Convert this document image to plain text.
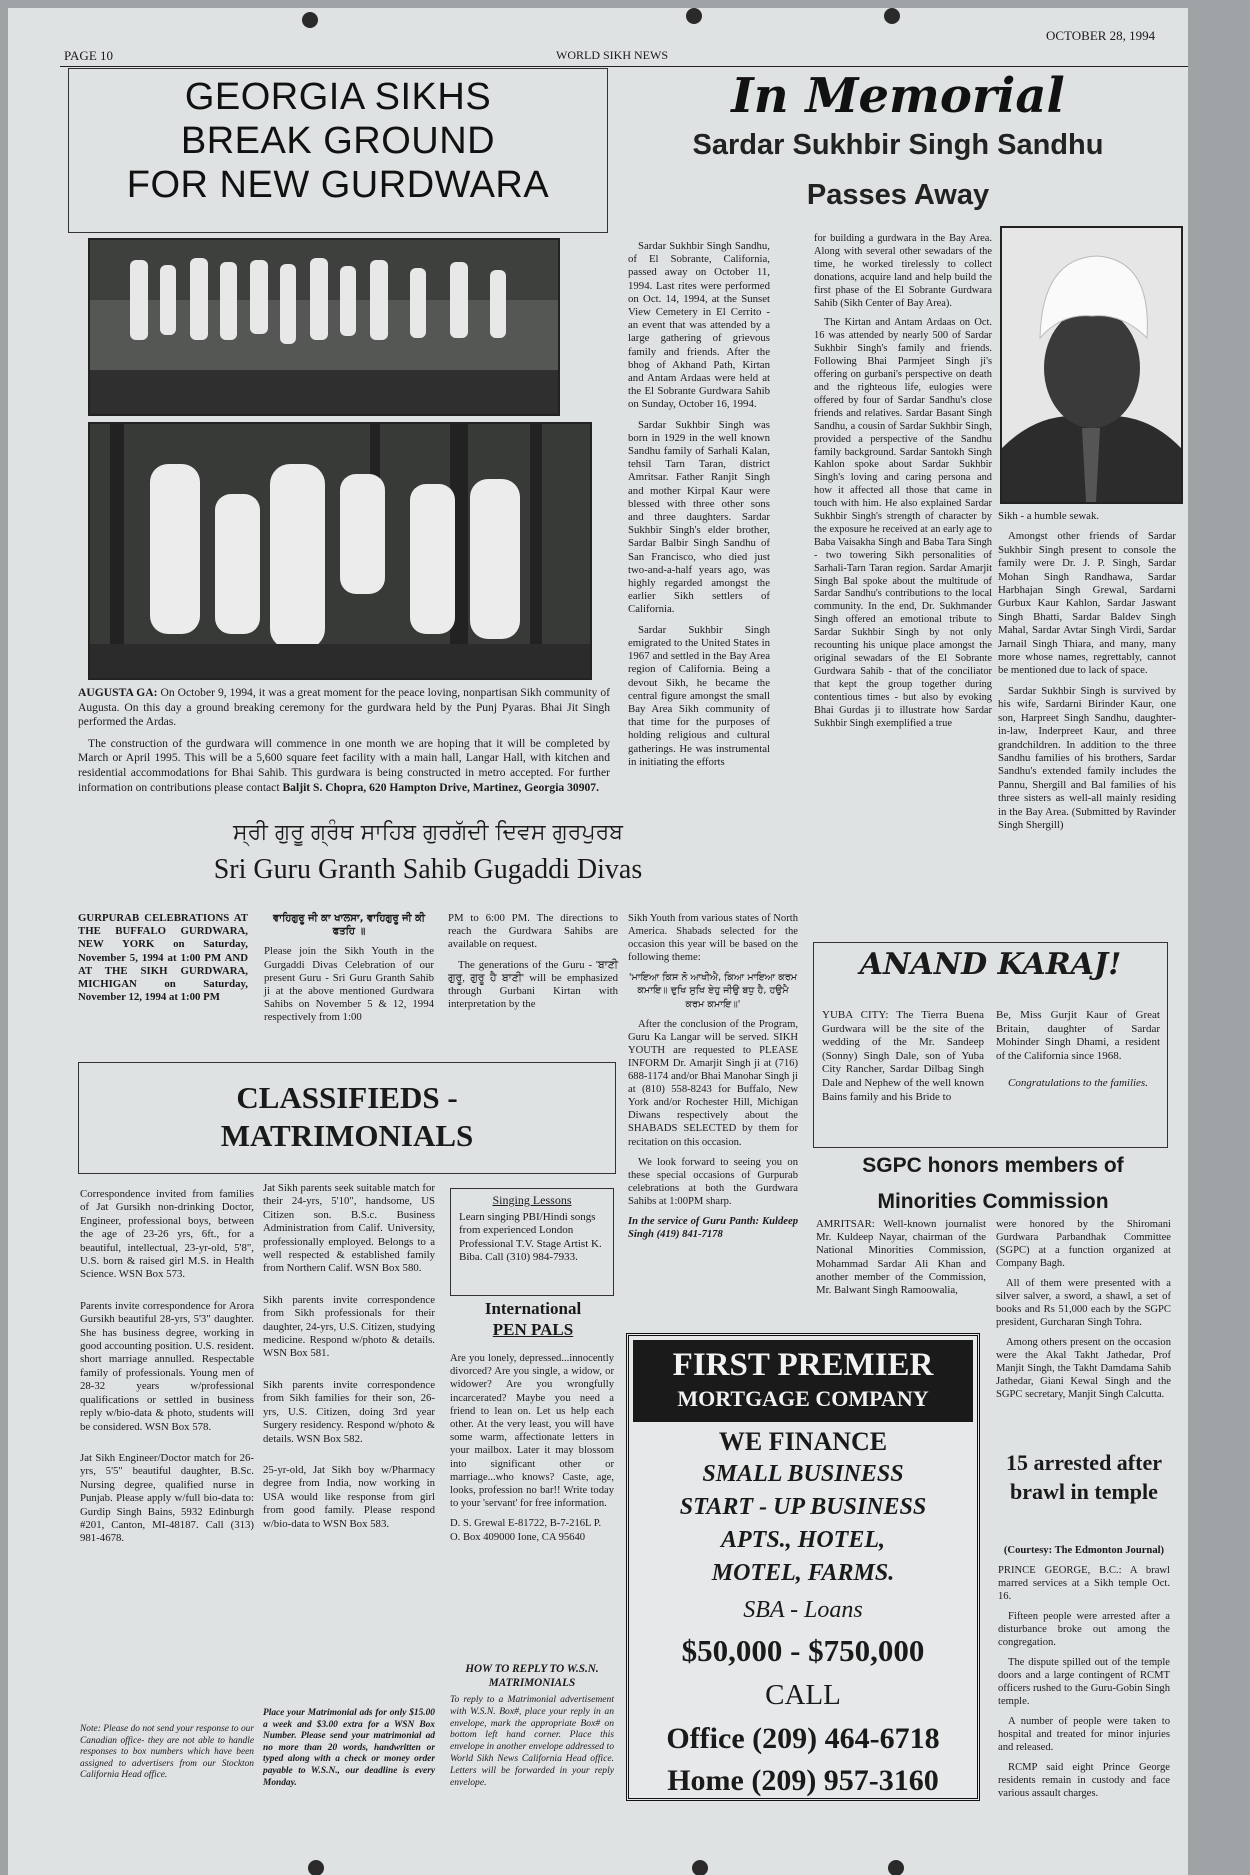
PAGE 10	WORLD SIKH NEWS
OCTOBER 28, 1994
GEORGIA SIKHS
BREAK GROUND
FOR NEW GURDWARA

AUGUSTA GA: On October 9, 1994, it was a great moment for the peace loving, nonpartisan Sikh community of Augusta. On this day a ground breaking ceremony for the gurdwara held by the Punj Pyaras. Bhai Jit Singh performed the Ardas.

The construction of the gurdwara will commence in one month we are hoping that it will be completed by March or April 1995. This will be a 5,600 square feet facility with a main hall, Langar Hall, with kitchen and residential accommodations for Bhai Sahib. This gurdwara is being constructed in metro accepted. For further information on contributions please contact Baljit S. Chopra, 620 Hampton Drive, Martinez, Georgia 30907.

In Memorial
Sardar Sukhbir Singh Sandhu
Passes Away

Sardar Sukhbir Singh Sandhu, of El Sobrante, California, passed away on October 11, 1994. Last rites were performed on Oct. 14, 1994, at the Sunset View Cemetery in El Cerrito - an event that was attended by a large gathering of grievous family and friends. After the bhog of Akhand Path, Kirtan and Antam Ardaas were held at the El Sobrante Gurdwara Sahib on Sunday, October 16, 1994.

Sardar Sukhbir Singh was born in 1929 in the well known Sandhu family of Sarhali Kalan, tehsil Tarn Taran, district Amritsar. Father Ranjit Singh and mother Kirpal Kaur were blessed with three other sons and three daughters. Sardar Sukhbir Singh's elder brother, Sardar Balbir Singh Sandhu of San Francisco, who died just two-and-a-half years ago, was highly regarded amongst the earlier Sikh settlers of California.

Sardar Sukhbir Singh emigrated to the United States in 1967 and settled in the Bay Area region of California. Being a devout Sikh, he became the central figure amongst the small Bay Area Sikh community of that time for the purposes of holding religious and cultural gatherings. He was instrumental in initiating the efforts

for building a gurdwara in the Bay Area. Along with several other sewadars of the time, he worked tirelessly to collect donations, acquire land and help build the first phase of the El Sobrante Gurdwara Sahib (Sikh Center of Bay Area).

The Kirtan and Antam Ardaas on Oct. 16 was attended by nearly 500 of Sardar Sukhbir Singh's family and friends. Following Bhai Parmjeet Singh ji's offering on gurbani's perspective on death and the righteous life, eulogies were offered by four of Sardar Sandhu's close friends and relatives. Sardar Basant Singh Sandhu, a cousin of Sardar Sukhbir Singh, provided a perspective of the Sandhu family background. Sardar Santokh Singh Kahlon spoke about Sardar Sukhbir Singh's loving and caring persona and how it affected all those that came in touch with him. He also explained Sardar Sukhbir Singh's strength of character by the exposure he received at an early age to Baba Vaisakha Singh and Baba Tara Singh - two towering Sikh personalities of Sarhali-Tarn Taran region. Sardar Amarjit Singh Bal spoke about the multitude of Sardar Sandhu's contributions to the local community. In the end, Dr. Sukhmander Singh offered an emotional tribute to Sardar Sukhbir Singh by not only recounting his unique place amongst the original sewadars of the El Sobrante Gurdwara Sahib - that of the conciliator that kept the group together during contentious times - but also by evoking Bhai Gurdas ji to illustrate how Sardar Sukhbir Singh exemplified a true

Sikh - a humble sewak.

Amongst other friends of Sardar Sukhbir Singh present to console the family were Dr. J. P. Singh, Sardar Mohan Singh Randhawa, Sardar Harbhajan Singh Grewal, Sardarni Gurbux Kaur Kahlon, Sardar Jaswant Singh Bhatti, Sardar Baldev Singh Mahal, Sardar Avtar Singh Virdi, Sardar Jarnail Singh Thiara, and many, many more whose names, regrettably, cannot be mentioned due to lack of space.

Sardar Sukhbir Singh is survived by his wife, Sardarni Birinder Kaur, one son, Harpreet Singh Sandhu, daughter-in-law, Inderpreet Kaur, and three grandchildren. In addition to the three Sandhu families of his brothers, Sardar Sandhu's extended family includes the Pannu, Shergill and Bal families of his three sisters as well-all mainly residing in the Bay Area. (Submitted by Ravinder Singh Shergill)

ਸ੍ਰੀ ਗੁਰੂ ਗ੍ਰੰਥ ਸਾਹਿਬ ਗੁਰਗੱਦੀ ਦਿਵਸ ਗੁਰਪੁਰਬ
Sri Guru Granth Sahib Gugaddi Divas

GURPURAB CELEBRATIONS AT THE BUFFALO GURDWARA, NEW YORK on Saturday, November 5, 1994 at 1:00 PM AND AT THE SIKH GURDWARA, MICHIGAN on Saturday, November 12, 1994 at 1:00 PM

ਵਾਹਿਗੁਰੂ ਜੀ ਕਾ ਖਾਲਸਾ, ਵਾਹਿਗੁਰੂ ਜੀ ਕੀ ਫਤਹਿ ॥

Please join the Sikh Youth in the Gurgaddi Divas Celebration of our present Guru - Sri Guru Granth Sahib ji at the above mentioned Gurdwara Sahibs on November 5 & 12, 1994 respectively from 1:00

PM to 6:00 PM. The directions to reach the Gurdwara Sahibs are available on request.

The generations of the Guru - 'ਬਾਣੀ ਗੁਰੂ, ਗੁਰੂ ਹੈ ਬਾਣੀ' will be emphasized through Gurbani Kirtan with interpretation by the

Sikh Youth from various states of North America. Shabads selected for the occasion this year will be based on the following theme:

'ਮਾਇਆ ਕਿਸ ਨੋ ਆਖੀਐ, ਕਿਆ ਮਾਇਆ ਕਰਮ ਕਮਾਇ॥ ਦੁਖਿ ਸੁਖਿ ਏਹੁ ਜੀਉ ਬਧੁ ਹੈ, ਹਉਮੈ ਕਰਮ ਕਮਾਇ॥'

After the conclusion of the Program, Guru Ka Langar will be served. SIKH YOUTH are requested to PLEASE INFORM Dr. Amarjit Singh ji at (716) 688-1174 and/or Bhai Manohar Singh ji at (810) 558-8243 for Buffalo, New York and/or Rochester Hill, Michigan Diwans respectively about the SHABADS SELECTED by them for recitation on this occasion.

We look forward to seeing you on these special occasions of Gurpurab celebrations at both the Gurdwara Sahibs at 1:00PM sharp.

In the service of Guru Panth: Kuldeep Singh (419) 841-7178

ANAND KARAJ!

YUBA CITY: The Tierra Buena Gurdwara will be the site of the wedding of the Mr. Sandeep (Sonny) Singh Dale, son of Yuba City Rancher, Sardar Dilbag Singh Dale and Nephew of the well known Bains family and his Bride to

Be, Miss Gurjit Kaur of Great Britain, daughter of Sardar Mohinder Singh Dhami, a resident of the California since 1968.

Congratulations to the families.

SGPC honors members of Minorities Commission

AMRITSAR: Well-known journalist Mr. Kuldeep Nayar, chairman of the National Minorities Commission, Mohammad Sardar Ali Khan and another member of the Commission, Mr. Balwant Singh Ramoowalia,

were honored by the Shiromani Gurdwara Parbandhak Committee (SGPC) at a function organized at Company Bagh.

All of them were presented with a silver salver, a sword, a shawl, a set of books and Rs 51,000 each by the SGPC president, Gurcharan Singh Tohra.

Among others present on the occasion were the Akal Takht Jathedar, Prof Manjit Singh, the Takht Damdama Sahib Jathedar, Giani Kewal Singh and the SGPC secretary, Manjit Singh Calcutta.

15 arrested after brawl in temple

(Courtesy: The Edmonton Journal)

PRINCE GEORGE, B.C.: A brawl marred services at a Sikh temple Oct. 16.

Fifteen people were arrested after a disturbance broke out among the congregation.

The dispute spilled out of the temple doors and a large contingent of RCMT officers rushed to the Guru-Gobin Singh temple.

A number of people were taken to hospital and treated for minor injuries and released.

RCMP said eight Prince George residents remain in custody and face various assault charges.

CLASSIFIEDS -
MATRIMONIALS

Correspondence invited from families of Jat Gursikh non-drinking Doctor, Engineer, professional boys, between the age of 23-26 yrs, 6ft., for a beautiful, intellectual, 23-yr-old, 5'8", U.S. born & raised girl M.S. in Health Science. WSN Box 573.

Parents invite correspondence for Arora Gursikh beautiful 28-yrs, 5'3" daughter. She has business degree, working in good accounting position. U.S. resident. short marriage annulled. Respectable family of professionals. Young men of 28-32 years w/professional qualifications or settled in business reply w/bio-data & photo, students will be considered. WSN Box 578.

Jat Sikh Engineer/Doctor match for 26-yrs, 5'5" beautiful daughter, B.Sc. Nursing degree, qualified nurse in Punjab. Please apply w/full bio-data to: Gurdip Singh Bains, 5932 Edinburgh #201, Canton, MI-48187. Call (313) 981-4678.

Note: Please do not send your response to our Canadian office- they are not able to handle responses to box numbers which have been assigned to advertisers from our Stockton California Head office.

Jat Sikh parents seek suitable match for their 24-yrs, 5'10", handsome, US Citizen son. B.S.c. Business Administration from Calif. University, professionally employed. Belongs to a well respected & established family from Northern Calif. WSN Box 580.

Sikh parents invite correspondence from Sikh professionals for their daughter, 24-yrs, U.S. Citizen, studying medicine. Respond w/photo & details. WSN Box 581.

Sikh parents invite correspondence from Sikh families for their son, 26-yrs, U.S. Citizen, doing 3rd year Surgery residency. Respond w/photo & details. WSN Box 582.

25-yr-old, Jat Sikh boy w/Pharmacy degree from India, now working in USA would like response from girl from good family. Please respond w/bio-data to WSN Box 583.

Place your Matrimonial ads for only $15.00 a week and $3.00 extra for a WSN Box Number. Please send your matrimonial ad no more than 20 words, handwritten or typed along with a check or money order payable to W.S.N., our deadline is every Monday.

Singing Lessons
Learn singing PBI/Hindi songs from experienced London Professional T.V. Stage Artist K. Biba. Call (310) 984-7933.
International
PEN PALS

Are you lonely, depressed...innocently divorced? Are you single, a widow, or widower? Are you wrongfully incarcerated? Maybe you need a friend to lean on. Let us help each other. At the very least, you will have some warm, affectionate letters in your mailbox. Later it may blossom into significant other or marriage...who knows? Caste, age, looks, profession no bar!! Write today to your 'servant' for free information.

D. S. Grewal E-81722, B-7-216L P. O. Box 409000 Ione, CA 95640

HOW TO REPLY TO W.S.N. MATRIMONIALS

To reply to a Matrimonial advertisement with W.S.N. Box#, place your reply in an envelope, mark the appropriate Box# on bottom left hand corner. Place this envelope in another envelope addressed to World Sikh News California Head office. Letters will be forwarded in your reply envelope.

FIRST PREMIER
MORTGAGE COMPANY
WE FINANCE
SMALL BUSINESS
START - UP BUSINESS
APTS., HOTEL,
MOTEL, FARMS.
SBA - Loans
$50,000 - $750,000
CALL
Office (209) 464-6718
Home (209) 957-3160
